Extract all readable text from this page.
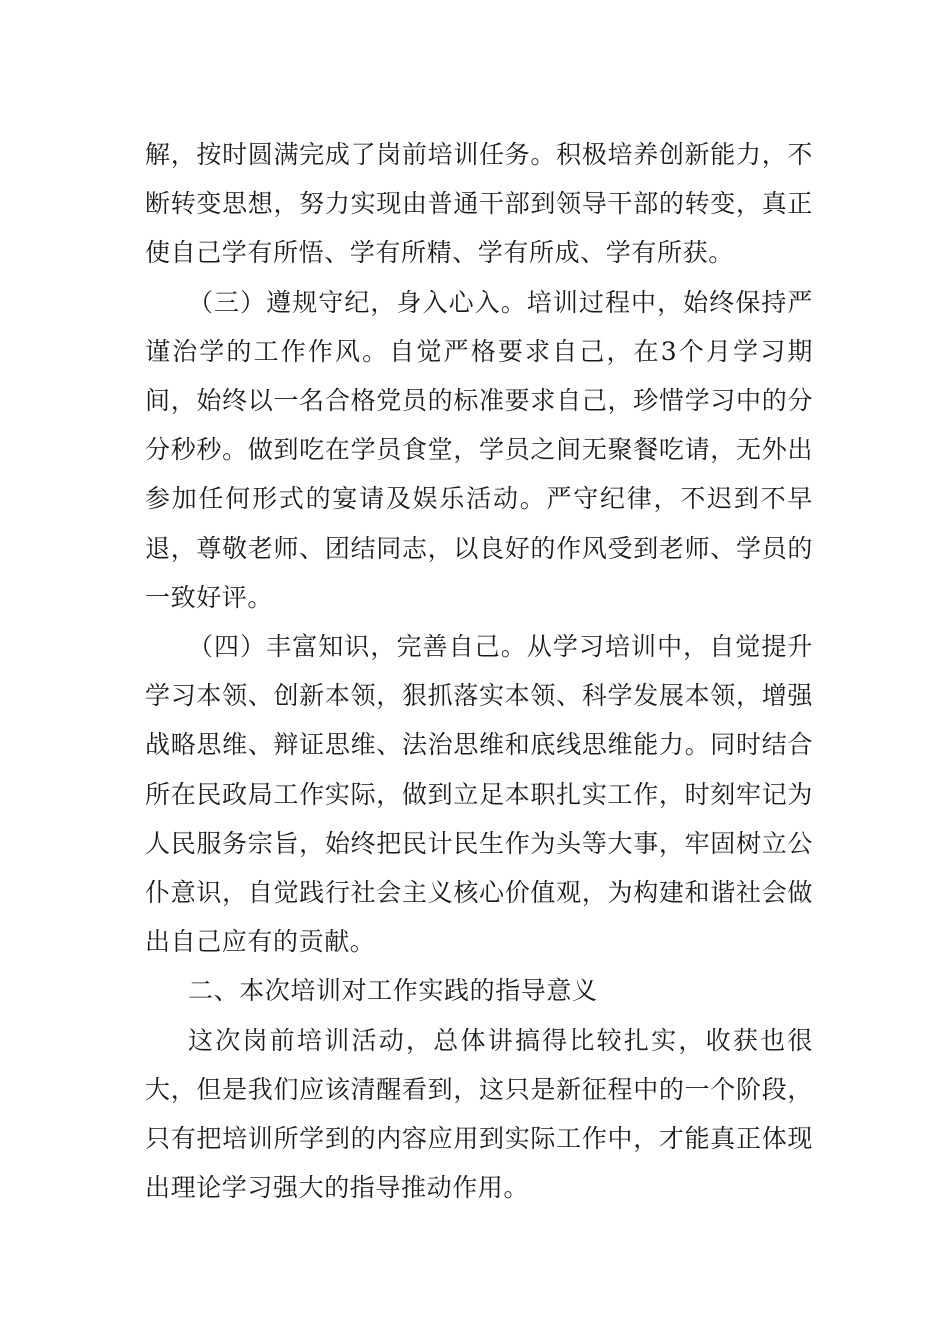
解，按时圆满完成了岗前培训任务。积极培养创新能力，不断转变思想，努力实现由普通干部到领导干部的转变，真正使自己学有所悟、学有所精、学有所成、学有所获。

（三）遵规守纪，身入心入。培训过程中，始终保持严谨治学的工作作风。自觉严格要求自己，在3个月学习期间，始终以一名合格党员的标准要求自己，珍惜学习中的分分秒秒。做到吃在学员食堂，学员之间无聚餐吃请，无外出参加任何形式的宴请及娱乐活动。严守纪律，不迟到不早退，尊敬老师、团结同志，以良好的作风受到老师、学员的一致好评。

（四）丰富知识，完善自己。从学习培训中，自觉提升学习本领、创新本领，狠抓落实本领、科学发展本领，增强战略思维、辩证思维、法治思维和底线思维能力。同时结合所在民政局工作实际，做到立足本职扎实工作，时刻牢记为人民服务宗旨，始终把民计民生作为头等大事，牢固树立公仆意识，自觉践行社会主义核心价值观，为构建和谐社会做出自己应有的贡献。

二、本次培训对工作实践的指导意义

这次岗前培训活动，总体讲搞得比较扎实，收获也很大，但是我们应该清醒看到，这只是新征程中的一个阶段，只有把培训所学到的内容应用到实际工作中，才能真正体现出理论学习强大的指导推动作用。
